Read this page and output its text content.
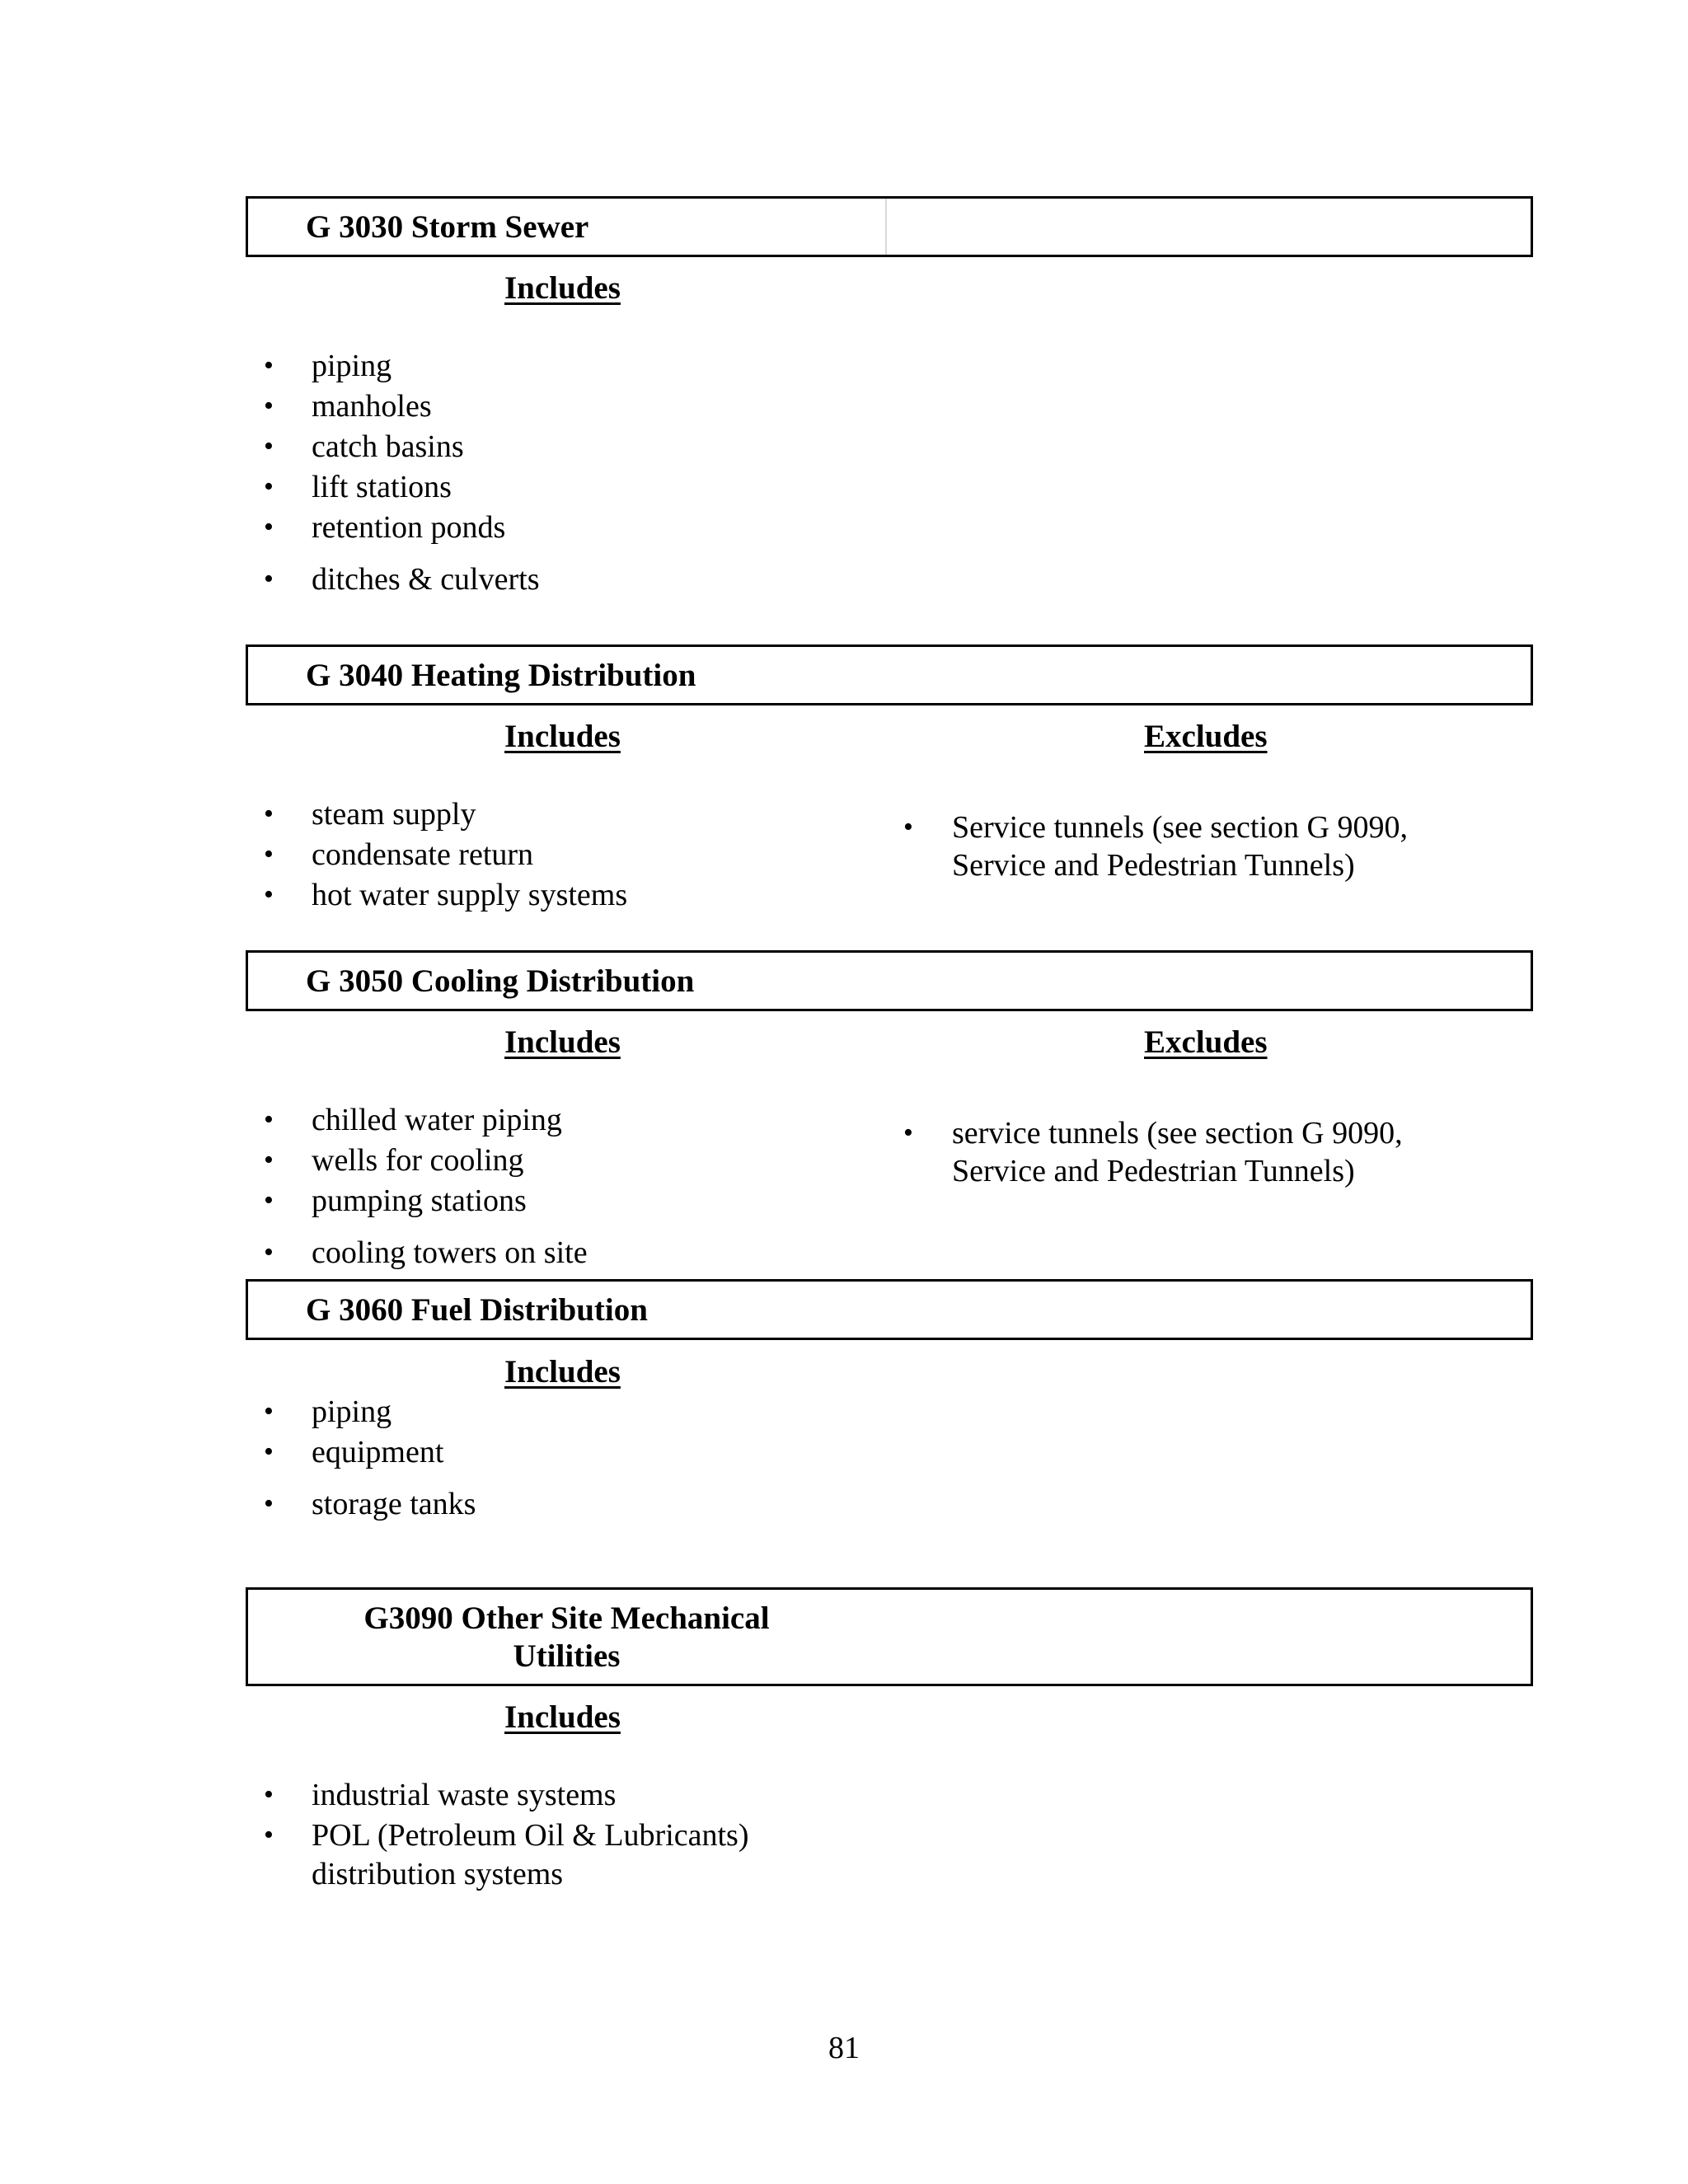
G 3030 Storm Sewer
Includes
• piping
• manholes
• catch basins
• lift stations
• retention ponds
• ditches & culverts
G 3040 Heating Distribution
Includes	Excludes
• steam supply
• condensate return
• hot water supply systems
• Service tunnels (see section G 9090,
Service and Pedestrian Tunnels)
G 3050 Cooling Distribution
Includes	Excludes
• chilled water piping
• wells for cooling
• pumping stations
• cooling towers on site
• service tunnels (see section G 9090,
Service and Pedestrian Tunnels)
G 3060 Fuel Distribution
Includes
• piping
• equipment
• storage tanks
G3090 Other Site Mechanical
Utilities
Includes
• industrial waste systems
• POL (Petroleum Oil & Lubricants)
distribution systems
81
